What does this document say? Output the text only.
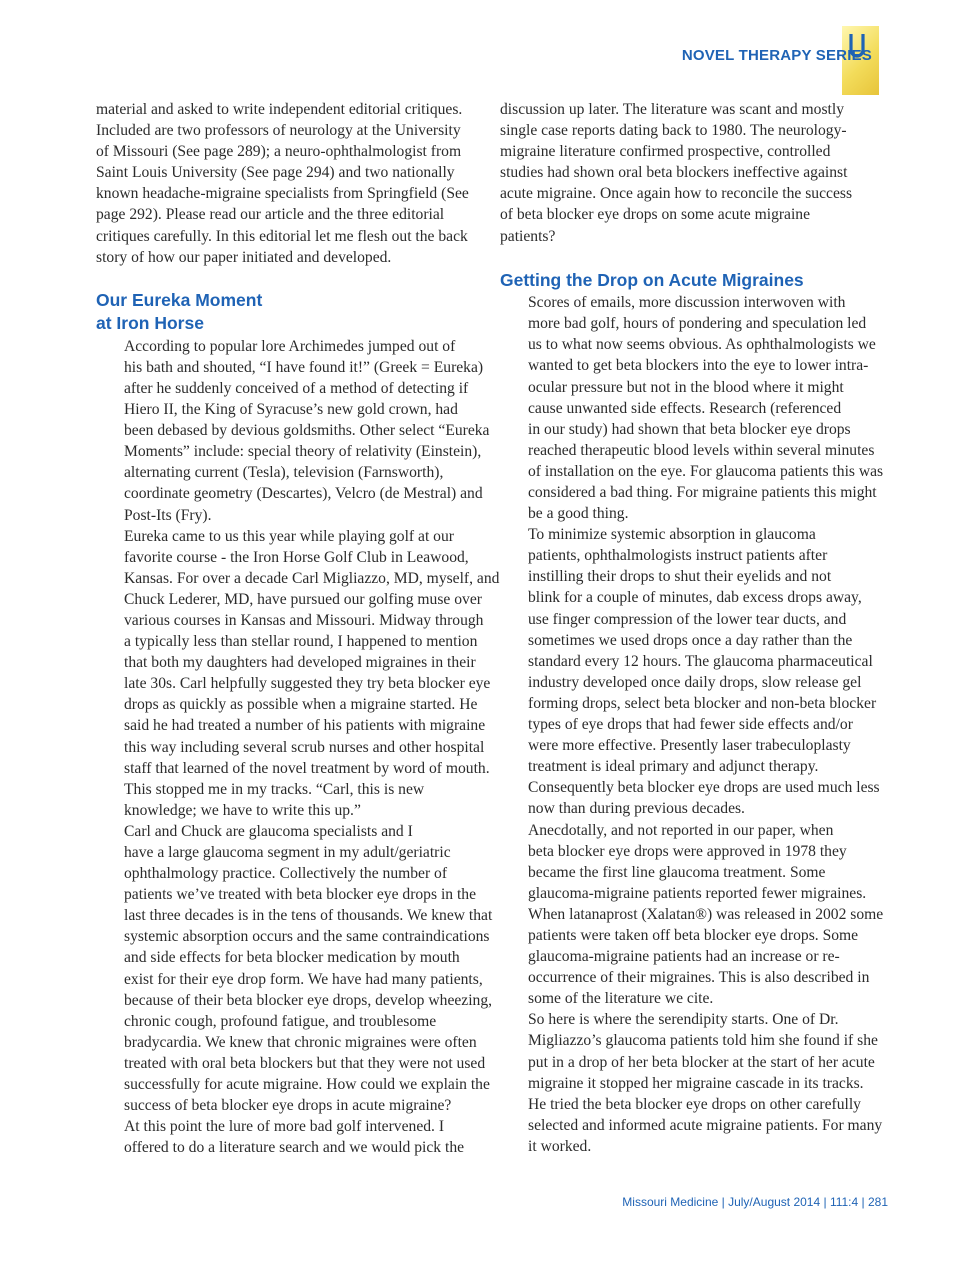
NOVEL THERAPY SERIES

material and asked to write independent editorial critiques.
Included are two professors of neurology at the University
of Missouri (See page 289); a neuro-ophthalmologist from
Saint Louis University (See page 294) and two nationally
known headache-migraine specialists from Springfield (See
page 292). Please read our article and the three editorial
critiques carefully. In this editorial let me flesh out the back
story of how our paper initiated and developed.

Our Eureka Moment
at Iron Horse

According to popular lore Archimedes jumped out of
his bath and shouted, “I have found it!” (Greek = Eureka)
after he suddenly conceived of a method of detecting if
Hiero II, the King of Syracuse’s new gold crown, had
been debased by devious goldsmiths. Other select “Eureka
Moments” include: special theory of relativity (Einstein),
alternating current (Tesla), television (Farnsworth),
coordinate geometry (Descartes), Velcro (de Mestral) and
Post-Its (Fry).

Eureka came to us this year while playing golf at our
favorite course - the Iron Horse Golf Club in Leawood,
Kansas. For over a decade Carl Migliazzo, MD, myself, and
Chuck Lederer, MD, have pursued our golfing muse over
various courses in Kansas and Missouri. Midway through
a typically less than stellar round, I happened to mention
that both my daughters had developed migraines in their
late 30s. Carl helpfully suggested they try beta blocker eye
drops as quickly as possible when a migraine started. He
said he had treated a number of his patients with migraine
this way including several scrub nurses and other hospital
staff that learned of the novel treatment by word of mouth.

This stopped me in my tracks. “Carl, this is new
knowledge; we have to write this up.”

Carl and Chuck are glaucoma specialists and I
have a large glaucoma segment in my adult/geriatric
ophthalmology practice. Collectively the number of
patients we’ve treated with beta blocker eye drops in the
last three decades is in the tens of thousands. We knew that
systemic absorption occurs and the same contraindications
and side effects for beta blocker medication by mouth
exist for their eye drop form. We have had many patients,
because of their beta blocker eye drops, develop wheezing,
chronic cough, profound fatigue, and troublesome
bradycardia. We knew that chronic migraines were often
treated with oral beta blockers but that they were not used
successfully for acute migraine. How could we explain the
success of beta blocker eye drops in acute migraine?

At this point the lure of more bad golf intervened. I
offered to do a literature search and we would pick the

discussion up later. The literature was scant and mostly
single case reports dating back to 1980. The neurology-
migraine literature confirmed prospective, controlled
studies had shown oral beta blockers ineffective against
acute migraine. Once again how to reconcile the success
of beta blocker eye drops on some acute migraine
patients?

Getting the Drop on Acute Migraines

Scores of emails, more discussion interwoven with
more bad golf, hours of pondering and speculation led
us to what now seems obvious. As ophthalmologists we
wanted to get beta blockers into the eye to lower intra-
ocular pressure but not in the blood where it might
cause unwanted side effects. Research (referenced
in our study) had shown that beta blocker eye drops
reached therapeutic blood levels within several minutes
of installation on the eye. For glaucoma patients this was
considered a bad thing. For migraine patients this might
be a good thing.

To minimize systemic absorption in glaucoma
patients, ophthalmologists instruct patients after
instilling their drops to shut their eyelids and not
blink for a couple of minutes, dab excess drops away,
use finger compression of the lower tear ducts, and
sometimes we used drops once a day rather than the
standard every 12 hours. The glaucoma pharmaceutical
industry developed once daily drops, slow release gel
forming drops, select beta blocker and non-beta blocker
types of eye drops that had fewer side effects and/or
were more effective. Presently laser trabeculoplasty
treatment is ideal primary and adjunct therapy.
Consequently beta blocker eye drops are used much less
now than during previous decades.

Anecdotally, and not reported in our paper, when
beta blocker eye drops were approved in 1978 they
became the first line glaucoma treatment. Some
glaucoma-migraine patients reported fewer migraines.
When latanaprost (Xalatan®) was released in 2002 some
patients were taken off beta blocker eye drops. Some
glaucoma-migraine patients had an increase or re-
occurrence of their migraines. This is also described in
some of the literature we cite.

So here is where the serendipity starts. One of Dr.
Migliazzo’s glaucoma patients told him she found if she
put in a drop of her beta blocker at the start of her acute
migraine it stopped her migraine cascade in its tracks.
He tried the beta blocker eye drops on other carefully
selected and informed acute migraine patients. For many
it worked.

Missouri Medicine | July/August 2014 | 111:4 | 281
